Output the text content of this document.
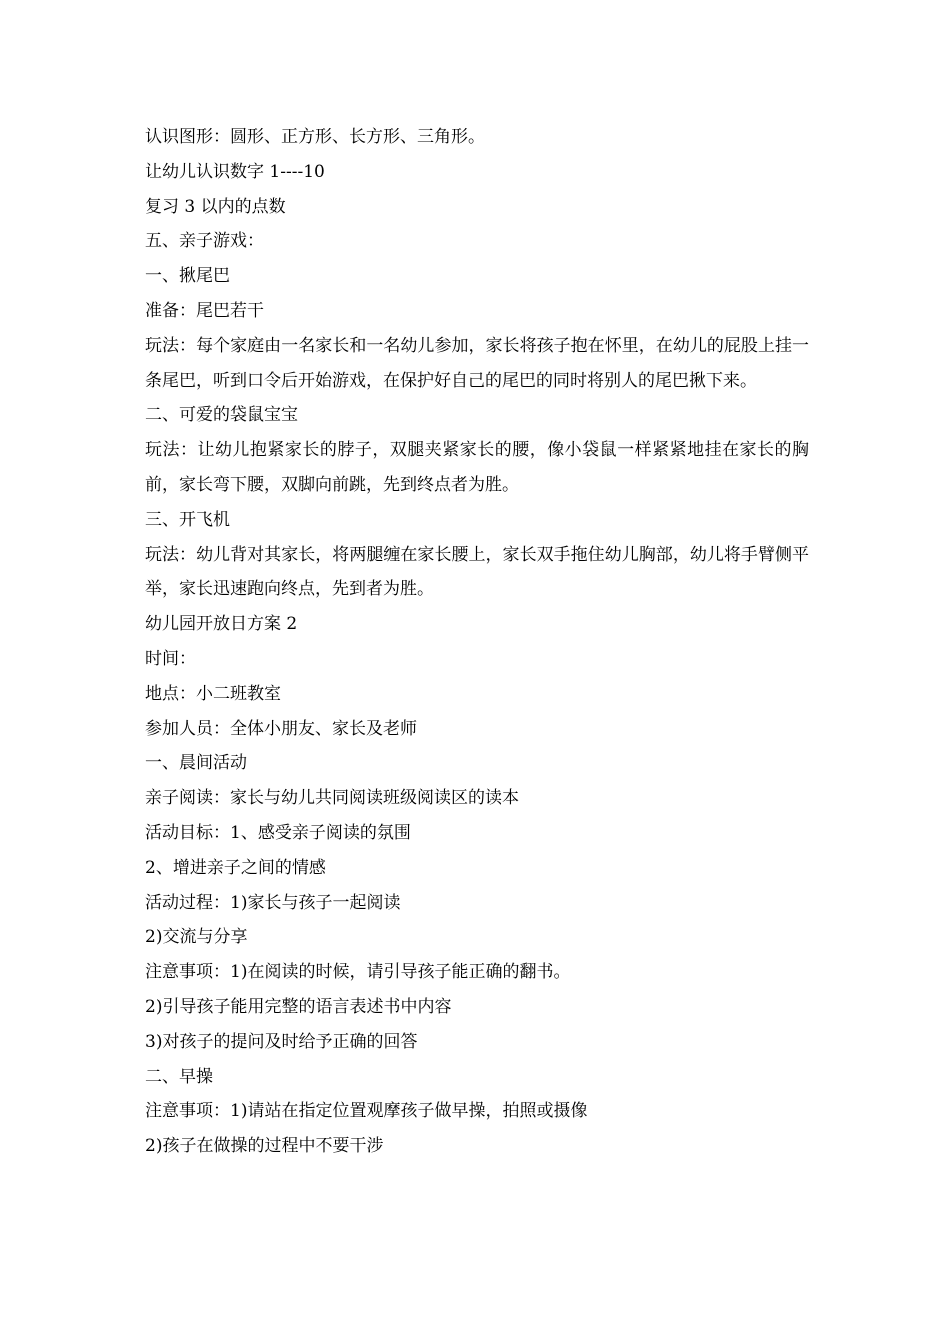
认识图形：圆形、正方形、长方形、三角形。
让幼儿认识数字 1----10
复习 3 以内的点数
五、亲子游戏：
一、揪尾巴
准备：尾巴若干
玩法：每个家庭由一名家长和一名幼儿参加，家长将孩子抱在怀里，在幼儿的屁股上挂一条尾巴，听到口令后开始游戏，在保护好自己的尾巴的同时将别人的尾巴揪下来。
二、可爱的袋鼠宝宝
玩法：让幼儿抱紧家长的脖子，双腿夹紧家长的腰，像小袋鼠一样紧紧地挂在家长的胸前，家长弯下腰，双脚向前跳，先到终点者为胜。
三、开飞机
玩法：幼儿背对其家长，将两腿缠在家长腰上，家长双手拖住幼儿胸部，幼儿将手臂侧平举，家长迅速跑向终点，先到者为胜。
幼儿园开放日方案 2
时间：
地点：小二班教室
参加人员：全体小朋友、家长及老师
一、晨间活动
亲子阅读：家长与幼儿共同阅读班级阅读区的读本
活动目标：1、感受亲子阅读的氛围
2、增进亲子之间的情感
活动过程：1)家长与孩子一起阅读
2)交流与分享
注意事项：1)在阅读的时候，请引导孩子能正确的翻书。
2)引导孩子能用完整的语言表述书中内容
3)对孩子的提问及时给予正确的回答
二、早操
注意事项：1)请站在指定位置观摩孩子做早操，拍照或摄像
2)孩子在做操的过程中不要干涉
